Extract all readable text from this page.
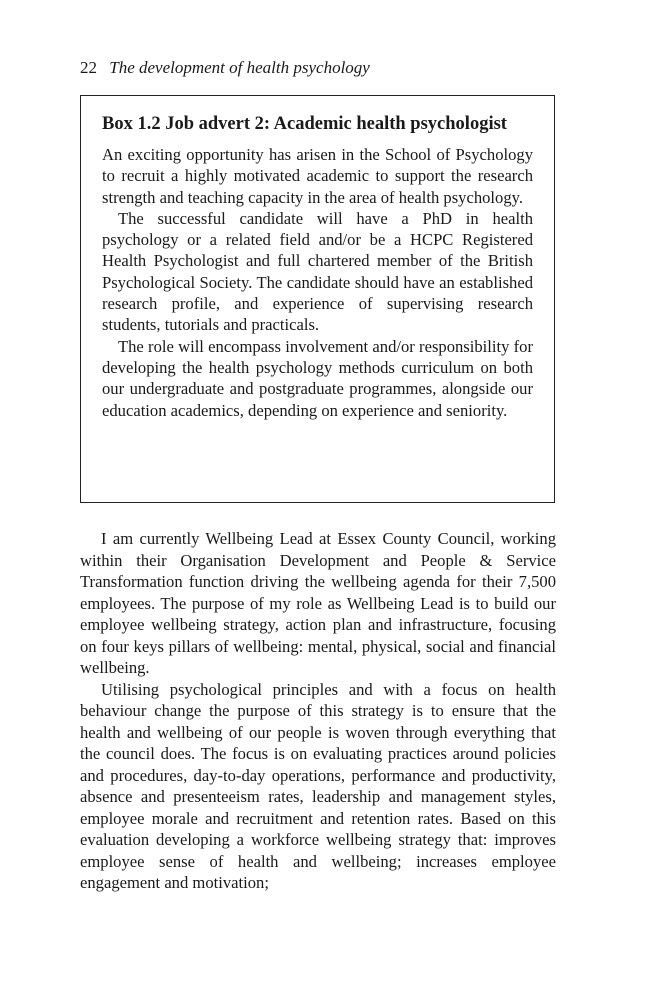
22 The development of health psychology
Box 1.2 Job advert 2: Academic health psychologist

An exciting opportunity has arisen in the School of Psychology to recruit a highly motivated academic to support the research strength and teaching capacity in the area of health psychology.

The successful candidate will have a PhD in health psychology or a related field and/or be a HCPC Registered Health Psychologist and full chartered member of the British Psychological Society. The candidate should have an established research profile, and experience of supervising research students, tutorials and practicals.

The role will encompass involvement and/or responsibility for developing the health psychology methods curriculum on both our undergraduate and postgraduate programmes, alongside our education academics, depending on experience and seniority.

I am currently Wellbeing Lead at Essex County Council, working within their Organisation Development and People & Service Transformation function driving the wellbeing agenda for their 7,500 employees. The purpose of my role as Wellbeing Lead is to build our employee wellbeing strategy, action plan and infrastructure, focusing on four keys pillars of wellbeing: mental, physical, social and financial wellbeing.

Utilising psychological principles and with a focus on health behaviour change the purpose of this strategy is to ensure that the health and wellbeing of our people is woven through everything that the council does. The focus is on evaluating practices around policies and procedures, day-to-day operations, performance and productivity, absence and presenteeism rates, leadership and management styles, employee morale and recruitment and retention rates. Based on this evaluation developing a workforce wellbeing strategy that: improves employee sense of health and wellbeing; increases employee engagement and motivation;
